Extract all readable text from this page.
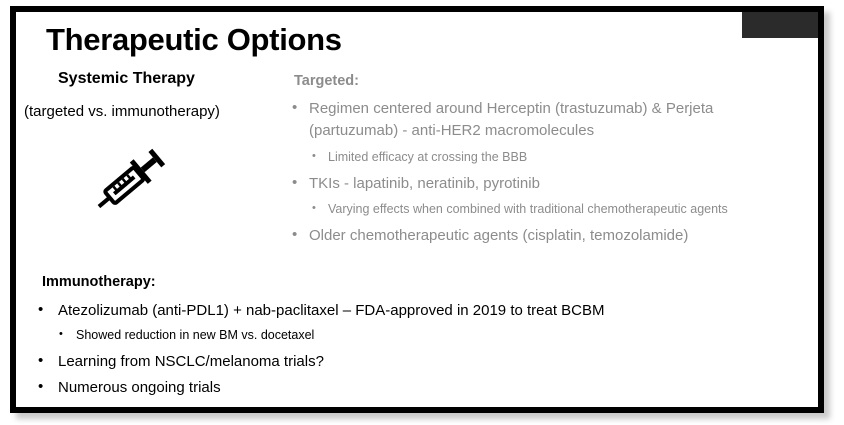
Therapeutic Options
Systemic Therapy
(targeted vs. immunotherapy)
Targeted:
• Regimen centered around Herceptin (trastuzumab) & Perjeta
(partuzumab) - anti-HER2 macromolecules
• Limited efficacy at crossing the BBB
• TKIs - lapatinib, neratinib, pyrotinib
• Varying effects when combined with traditional chemotherapeutic agents
• Older chemotherapeutic agents (cisplatin, temozolamide)
Immunotherapy:
• Atezolizumab (anti-PDL1) + nab-paclitaxel – FDA-approved in 2019 to treat BCBM
• Showed reduction in new BM vs. docetaxel
• Learning from NSCLC/melanoma trials?
• Numerous ongoing trials
